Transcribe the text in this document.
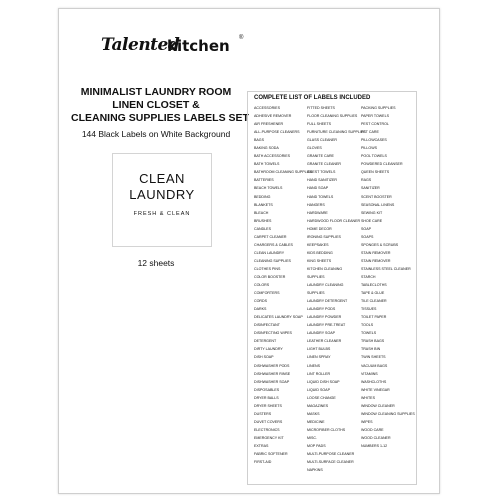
Talented
kitchen ®
MINIMALIST LAUNDRY ROOM
LINEN CLOSET &
CLEANING SUPPLIES LABELS SET
144 Black Labels on White Background
CLEAN
LAUNDRY
FRESH & CLEAN
12 sheets
COMPLETE LIST OF LABELS INCLUDED
ACCESSORIES
ADHESIVE REMOVER
AIR FRESHENER
ALL-PURPOSE CLEANERS
BAGS
BAKING SODA
BATH ACCESSORIES
BATH TOWELS
BATHROOM CLEANING SUPPLIES
BATTERIES
BEACH TOWELS
BEDDING
BLANKETS
BLEACH
BRUSHES
CANDLES
CARPET CLEANER
CHARGERS & CABLES
CLEAN LAUNDRY
CLEANING SUPPLIES
CLOTHES PINS
COLOR BOOSTER
COLORS
COMFORTERS
CORDS
DARKS
DELICATES LAUNDRY SOAP
DISINFECTANT
DISINFECTING WIPES
DETERGENT
DIRTY LAUNDRY
DISH SOAP
DISHWASHER PODS
DISHWASHER RINSE
DISHWASHER SOAP
DISPOSABLES
DRYER BALLS
DRYER SHEETS
DUSTERS
DUVET COVERS
ELECTRONICS
EMERGENCY KIT
EXTRAS
FABRIC SOFTENER
FIRST-AID
FITTED SHEETS
FLOOR CLEANING SUPPLIES
FULL SHEETS
FURNITURE CLEANING SUPPLIES
GLASS CLEANER
GLOVES
GRANITE CARE
GRANITE CLEANER
GUEST TOWELS
HAND SANITIZER
HAND SOAP
HAND TOWELS
HANGERS
HARDWARE
HARDWOOD FLOOR CLEANER
HOME DECOR
IRONING SUPPLIES
KEEPSAKES
KIDS BEDDING
KING SHEETS
KITCHEN CLEANING
SUPPLIES
LAUNDRY CLEANING
SUPPLIES
LAUNDRY DETERGENT
LAUNDRY PODS
LAUNDRY POWDER
LAUNDRY PRE-TREAT
LAUNDRY SOAP
LEATHER CLEANER
LIGHT BULBS
LINEN SPRAY
LINENS
LINT ROLLER
LIQUID DISH SOAP
LIQUID SOAP
LOOSE CHANGE
MAGAZINES
MASKS
MEDICINE
MICROFIBER CLOTHS
MISC.
MOP PADS
MULTI-PURPOSE CLEANER
MULTI-SURFACE CLEANER
NAPKINS
PACKING SUPPLIES
PAPER TOWELS
PEST CONTROL
PET CARE
PILLOWCASES
PILLOWS
POOL TOWELS
POWDERED CLEANSER
QUEEN SHEETS
RAGS
SANITIZER
SCENT BOOSTER
SEASONAL LINENS
SEWING KIT
SHOE CARE
SOAP
SOAPS
SPONGES & SCRUBS
STAIN REMOVER
STAIN REMOVER
STAINLESS STEEL CLEANER
STARCH
TABLECLOTHS
TAPE & GLUE
TILE CLEANER
TISSUES
TOILET PAPER
TOOLS
TOWELS
TRASH BAGS
TRASH BIN
TWIN SHEETS
VACUUM BAGS
VITAMINS
WASHCLOTHS
WHITE VINEGAR
WHITES
WINDOW CLEANER
WINDOW CLEANING SUPPLIES
WIPES
WOOD CARE
WOOD CLEANER
NUMBERS 1-12
